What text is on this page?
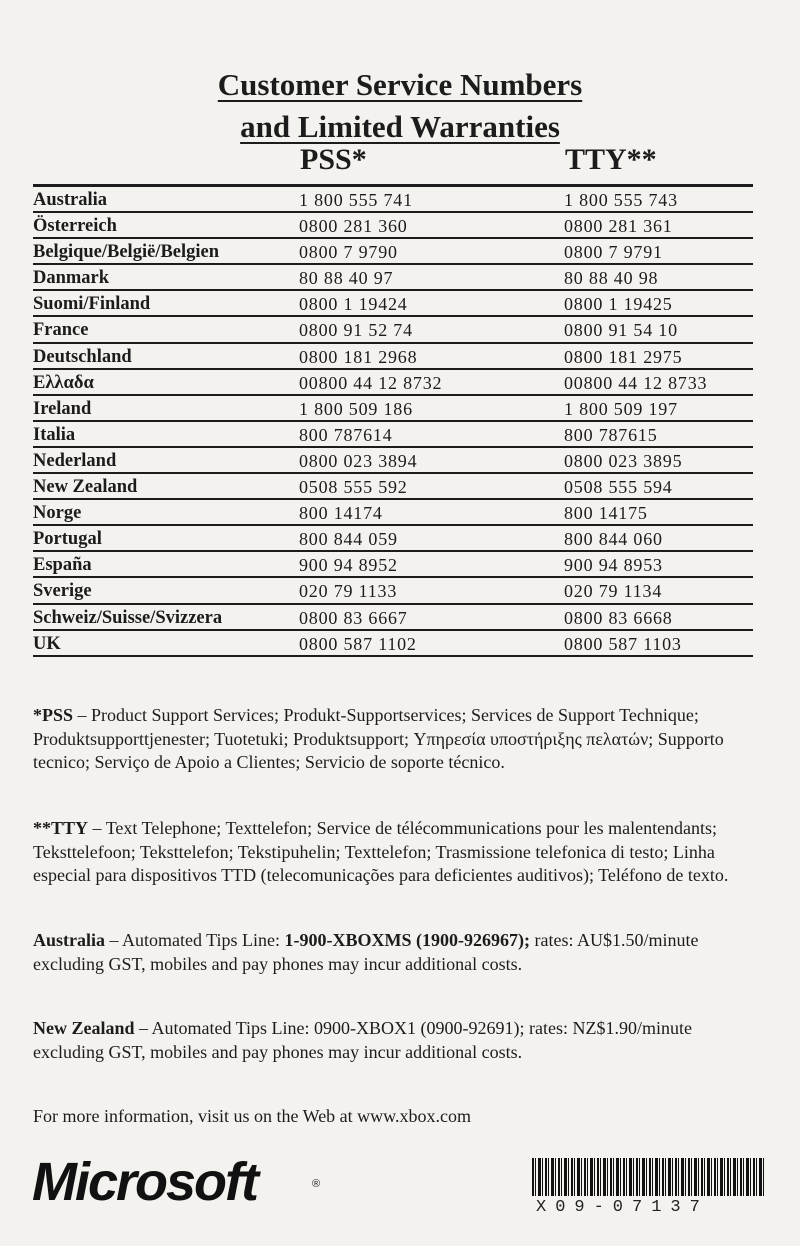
Customer Service Numbers
and Limited Warranties
PSS*	TTY**
Australia	1 800 555 741	1 800 555 743
Österreich	0800 281 360	0800 281 361
Belgique/België/Belgien	0800 7 9790	0800 7 9791
Danmark	80 88 40 97	80 88 40 98
Suomi/Finland	0800 1 19424	0800 1 19425
France	0800 91 52 74	0800 91 54 10
Deutschland	0800 181 2968	0800 181 2975
Ελλαδα	00800 44 12 8732	00800 44 12 8733
Ireland	1 800 509 186	1 800 509 197
Italia	800 787614	800 787615
Nederland	0800 023 3894	0800 023 3895
New Zealand	0508 555 592	0508 555 594
Norge	800 14174	800 14175
Portugal	800 844 059	800 844 060
España	900 94 8952	900 94 8953
Sverige	020 79 1133	020 79 1134
Schweiz/Suisse/Svizzera	0800 83 6667	0800 83 6668
UK	0800 587 1102	0800 587 1103
*PSS – Product Support Services; Produkt-Supportservices; Services de Support Technique; Produktsupporttjenester; Tuotetuki; Produktsupport; Υπηρεσία υποστήριξης πελατών; Supporto tecnico; Serviço de Apoio a Clientes; Servicio de soporte técnico.
**TTY – Text Telephone; Texttelefon; Service de télécommunications pour les malentendants; Teksttelefoon; Teksttelefon; Tekstipuhelin; Texttelefon; Trasmissione telefonica di testo; Linha especial para dispositivos TTD (telecomunicações para deficientes auditivos); Teléfono de texto.
Australia – Automated Tips Line: 1-900-XBOXMS (1900-926967); rates: AU$1.50/minute excluding GST, mobiles and pay phones may incur additional costs.
New Zealand – Automated Tips Line: 0900-XBOX1 (0900-92691); rates: NZ$1.90/minute excluding GST, mobiles and pay phones may incur additional costs.
For more information, visit us on the Web at www.xbox.com
Microsoft	®
X09-07137
